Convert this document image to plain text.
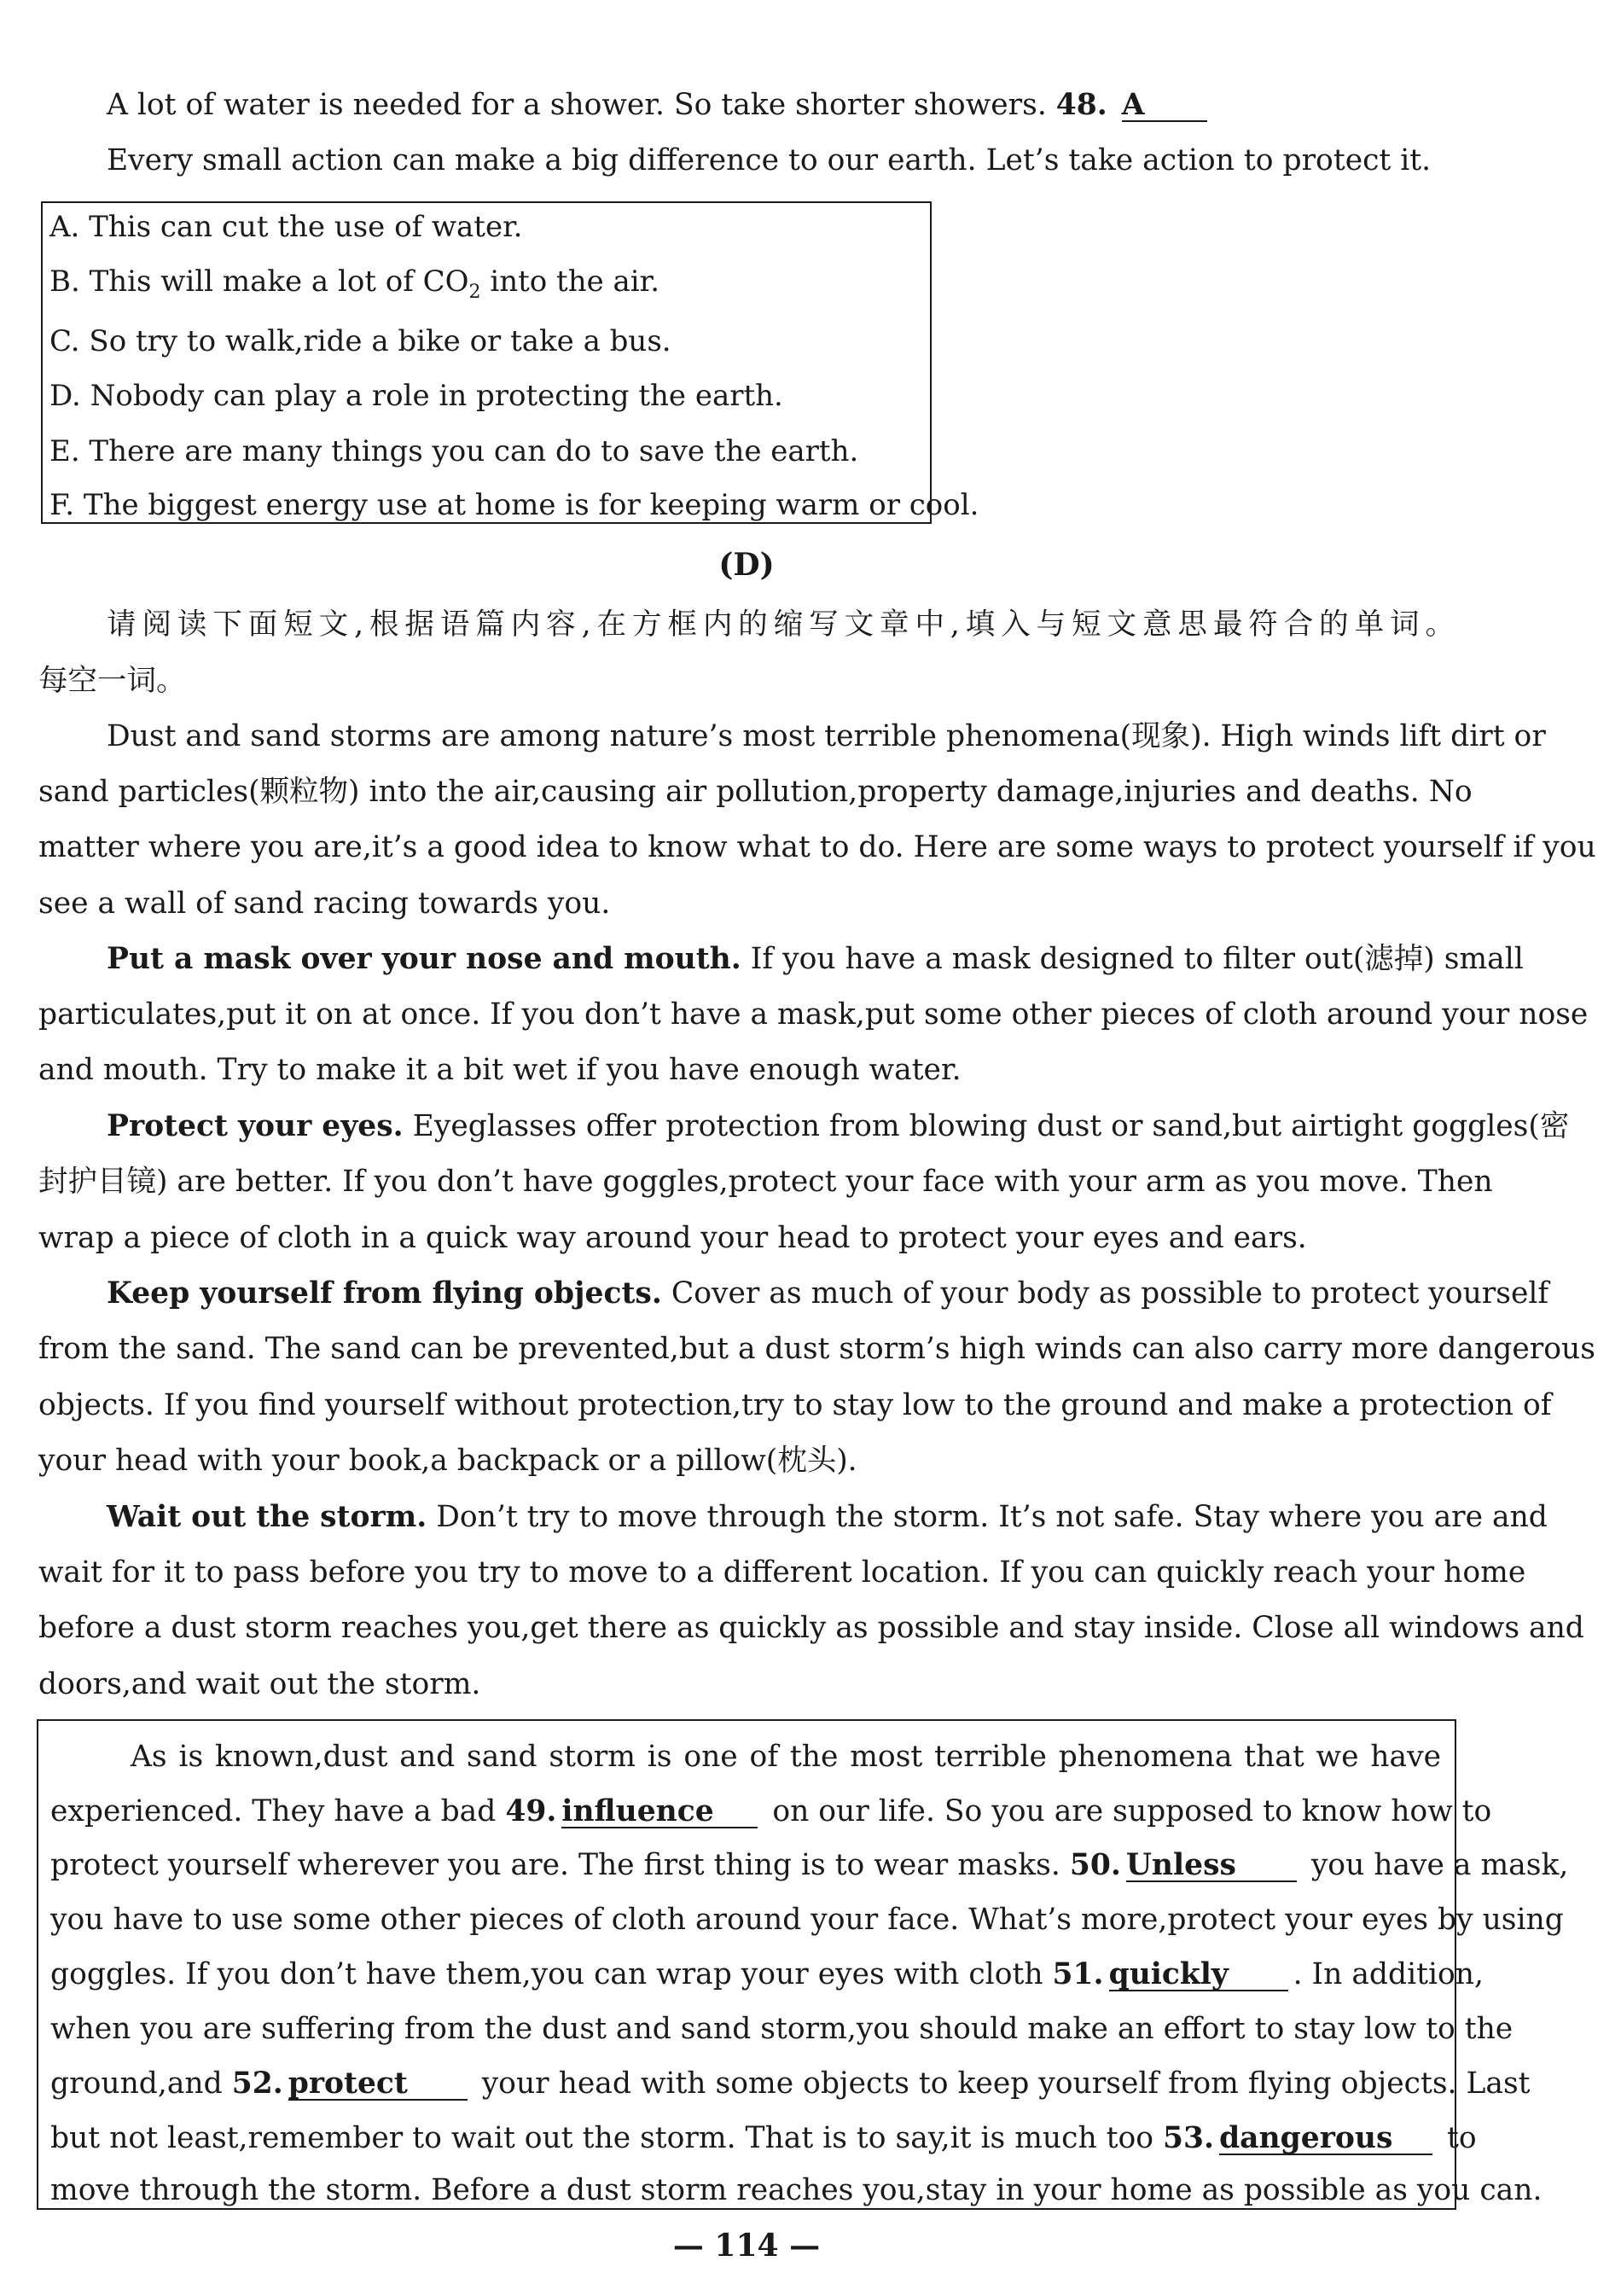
A lot of water is needed for a shower. So take shorter showers. 48. A
Every small action can make a big difference to our earth. Let’s take action to protect it.
A. This can cut the use of water.
B. This will make a lot of $CO_2$ into the air.
C. So try to walk,ride a bike or take a bus.
D. Nobody can play a role in protecting the earth.
E. There are many things you can do to save the earth.
F. The biggest energy use at home is for keeping warm or cool.
(D)
请阅读下面短文,根据语篇内容,在方框内的缩写文章中,填入与短文意思最符合的单词。
每空一词。
Dust and sand storms are among nature’s most terrible phenomena(现象). High winds lift dirt or
sand particles(颗粒物) into the air,causing air pollution,property damage,injuries and deaths. No
matter where you are,it’s a good idea to know what to do. Here are some ways to protect yourself if you
see a wall of sand racing towards you.
Put a mask over your nose and mouth. If you have a mask designed to filter out(滤掉) small
particulates,put it on at once. If you don’t have a mask,put some other pieces of cloth around your nose
and mouth. Try to make it a bit wet if you have enough water.
Protect your eyes. Eyeglasses offer protection from blowing dust or sand,but airtight goggles(密
封护目镜) are better. If you don’t have goggles,protect your face with your arm as you move. Then
wrap a piece of cloth in a quick way around your head to protect your eyes and ears.
Keep yourself from flying objects. Cover as much of your body as possible to protect yourself
from the sand. The sand can be prevented,but a dust storm’s high winds can also carry more dangerous
objects. If you find yourself without protection,try to stay low to the ground and make a protection of
your head with your book,a backpack or a pillow(枕头).
Wait out the storm. Don’t try to move through the storm. It’s not safe. Stay where you are and
wait for it to pass before you try to move to a different location. If you can quickly reach your home
before a dust storm reaches you,get there as quickly as possible and stay inside. Close all windows and
doors,and wait out the storm.
As is known,dust and sand storm is one of the most terrible phenomena that we have
experienced. They have a bad 49. influence on our life. So you are supposed to know how to
protect yourself wherever you are. The first thing is to wear masks. 50. Unless	you have a mask,
you have to use some other pieces of cloth around your face. What’s more,protect your eyes by using
goggles. If you don’t have them,you can wrap your eyes with cloth 51. quickly . In addition,
when you are suffering from the dust and sand storm,you should make an effort to stay low to the
ground,and 52. protect	your head with some objects to keep yourself from flying objects. Last
but not least,remember to wait out the storm. That is to say,it is much too 53. dangerous to
move through the storm. Before a dust storm reaches you,stay in your home as possible as you can.
— 114 —
